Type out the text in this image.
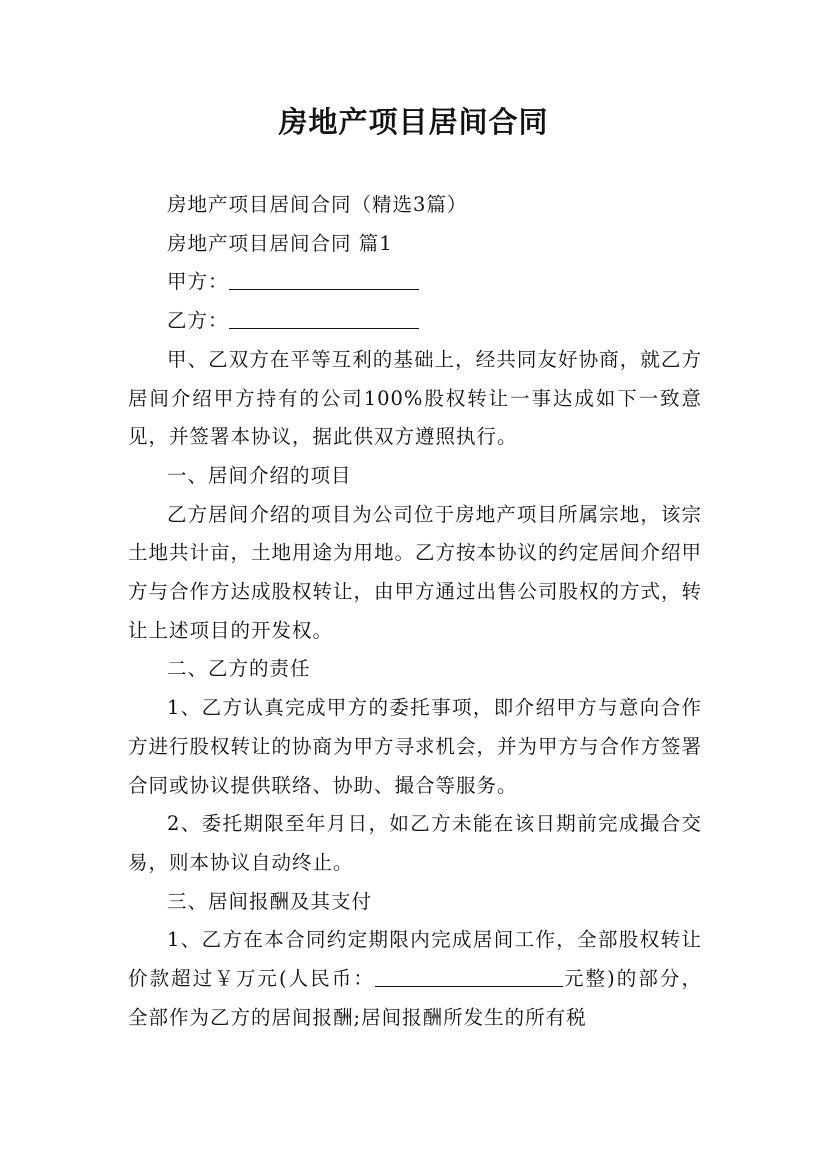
房地产项目居间合同

房地产项目居间合同（精选3篇）

房地产项目居间合同 篇1

甲方：

乙方：

甲、乙双方在平等互利的基础上，经共同友好协商，就乙方居间介绍甲方持有的公司100%股权转让一事达成如下一致意见，并签署本协议，据此供双方遵照执行。

一、居间介绍的项目

乙方居间介绍的项目为公司位于房地产项目所属宗地，该宗土地共计亩，土地用途为用地。乙方按本协议的约定居间介绍甲方与合作方达成股权转让，由甲方通过出售公司股权的方式，转让上述项目的开发权。

二、乙方的责任

1、乙方认真完成甲方的委托事项，即介绍甲方与意向合作方进行股权转让的协商为甲方寻求机会，并为甲方与合作方签署合同或协议提供联络、协助、撮合等服务。

2、委托期限至年月日，如乙方未能在该日期前完成撮合交易，则本协议自动终止。

三、居间报酬及其支付

1、乙方在本合同约定期限内完成居间工作，全部股权转让价款超过￥万元(人民币：	元整)的部分，全部作为乙方的居间报酬;居间报酬所发生的所有税
